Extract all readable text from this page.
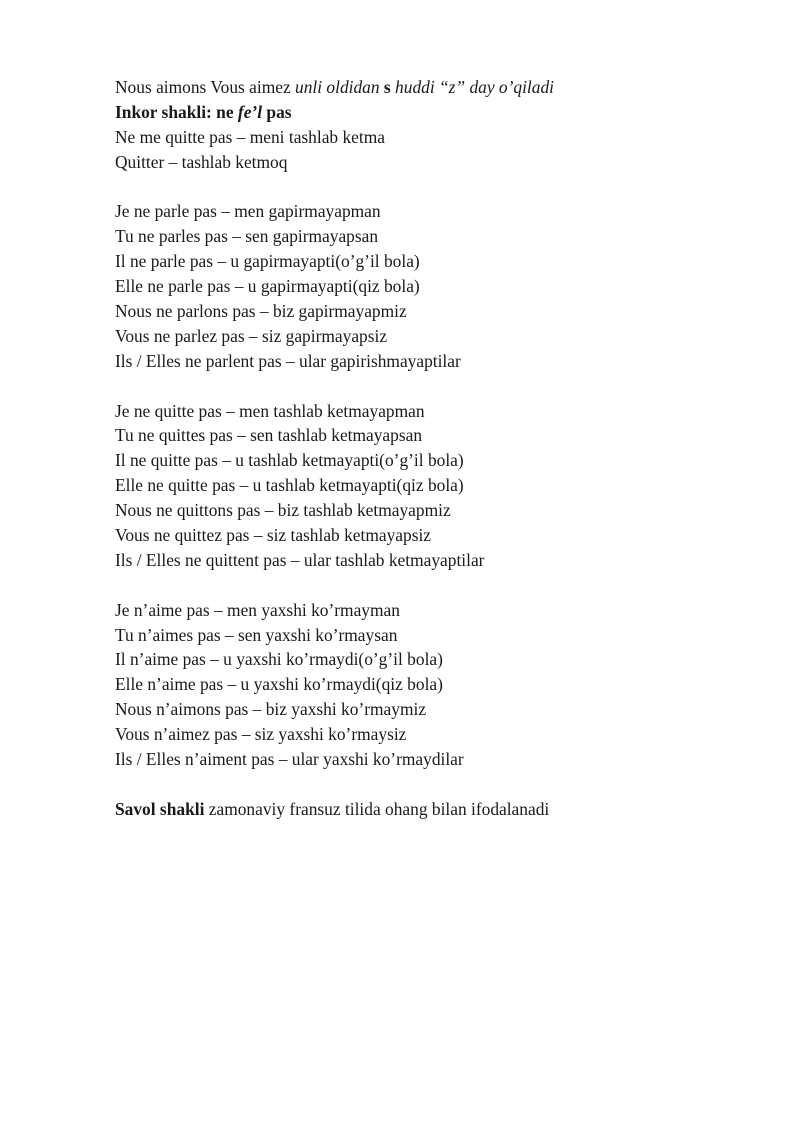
Nous aimons Vous aimez unli oldidan s huddi “z” day o’qiladi
Inkor shakli: ne fe’l pas
Ne me quitte pas – meni tashlab ketma
Quitter – tashlab ketmoq
Je ne parle pas – men gapirmayapman
Tu ne parles pas – sen gapirmayapsan
Il ne parle pas – u gapirmayapti(o’g’il bola)
Elle ne parle pas – u gapirmayapti(qiz bola)
Nous ne parlons pas – biz gapirmayapmiz
Vous ne parlez pas – siz gapirmayapsiz
Ils / Elles ne parlent pas – ular gapirishmayaptilar
Je ne quitte pas – men tashlab ketmayapman
Tu ne quittes pas – sen tashlab ketmayapsan
Il ne quitte pas – u tashlab ketmayapti(o’g’il bola)
Elle ne quitte pas – u tashlab ketmayapti(qiz bola)
Nous ne quittons pas – biz tashlab ketmayapmiz
Vous ne quittez pas – siz tashlab ketmayapsiz
Ils / Elles ne quittent pas – ular tashlab ketmayaptilar
Je n’aime pas – men yaxshi ko’rmayman
Tu n’aimes pas – sen yaxshi ko’rmaysan
Il n’aime pas – u yaxshi ko’rmaydi(o’g’il bola)
Elle n’aime pas – u yaxshi ko’rmaydi(qiz bola)
Nous n’aimons pas – biz yaxshi ko’rmaymiz
Vous n’aimez pas – siz yaxshi ko’rmaysiz
Ils / Elles n’aiment pas – ular yaxshi ko’rmaydilar
Savol shakli zamonaviy fransuz tilida ohang bilan ifodalanadi
